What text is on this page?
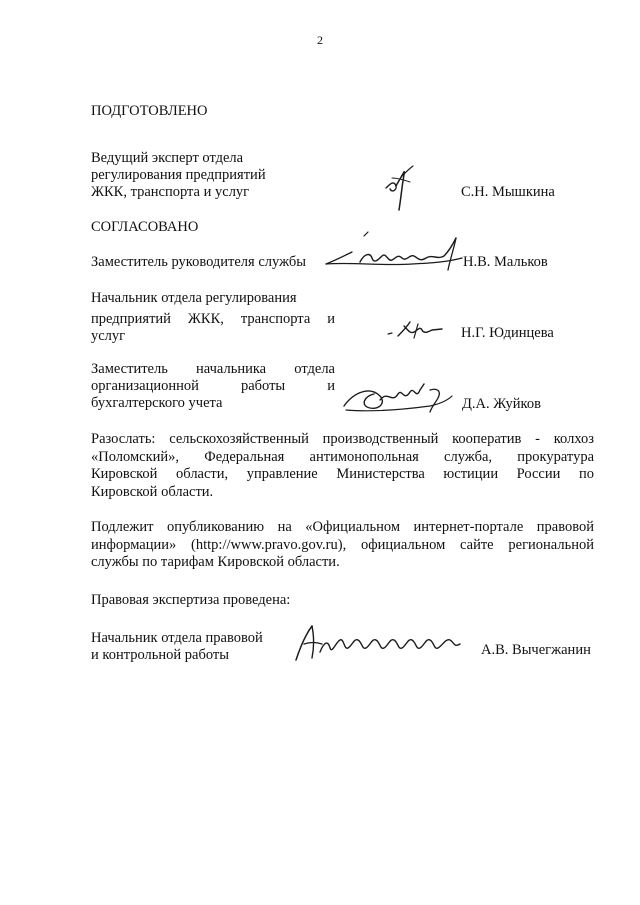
2
ПОДГОТОВЛЕНО
Ведущий эксперт отдела
регулирования предприятий
ЖКК, транспорта и услуг	С.Н. Мышкина
СОГЛАСОВАНО
Заместитель руководителя службы	Н.В. Мальков
Начальник отдела регулирования
предприятий ЖКК, транспорта и
услуг	Н.Г. Юдинцева
Заместитель начальника отдела
организационной работы и
бухгалтерского учета	Д.А. Жуйков
Разослать: сельскохозяйственный производственный кооператив - колхоз
«Поломский», Федеральная антимонопольная служба, прокуратура
Кировской области, управление Министерства юстиции России по
Кировской области.
Подлежит опубликованию на «Официальном интернет-портале правовой
информации» (http://www.pravo.gov.ru), официальном сайте региональной
службы по тарифам Кировской области.
Правовая экспертиза проведена:
Начальник отдела правовой
и контрольной работы	А.В. Вычегжанин
